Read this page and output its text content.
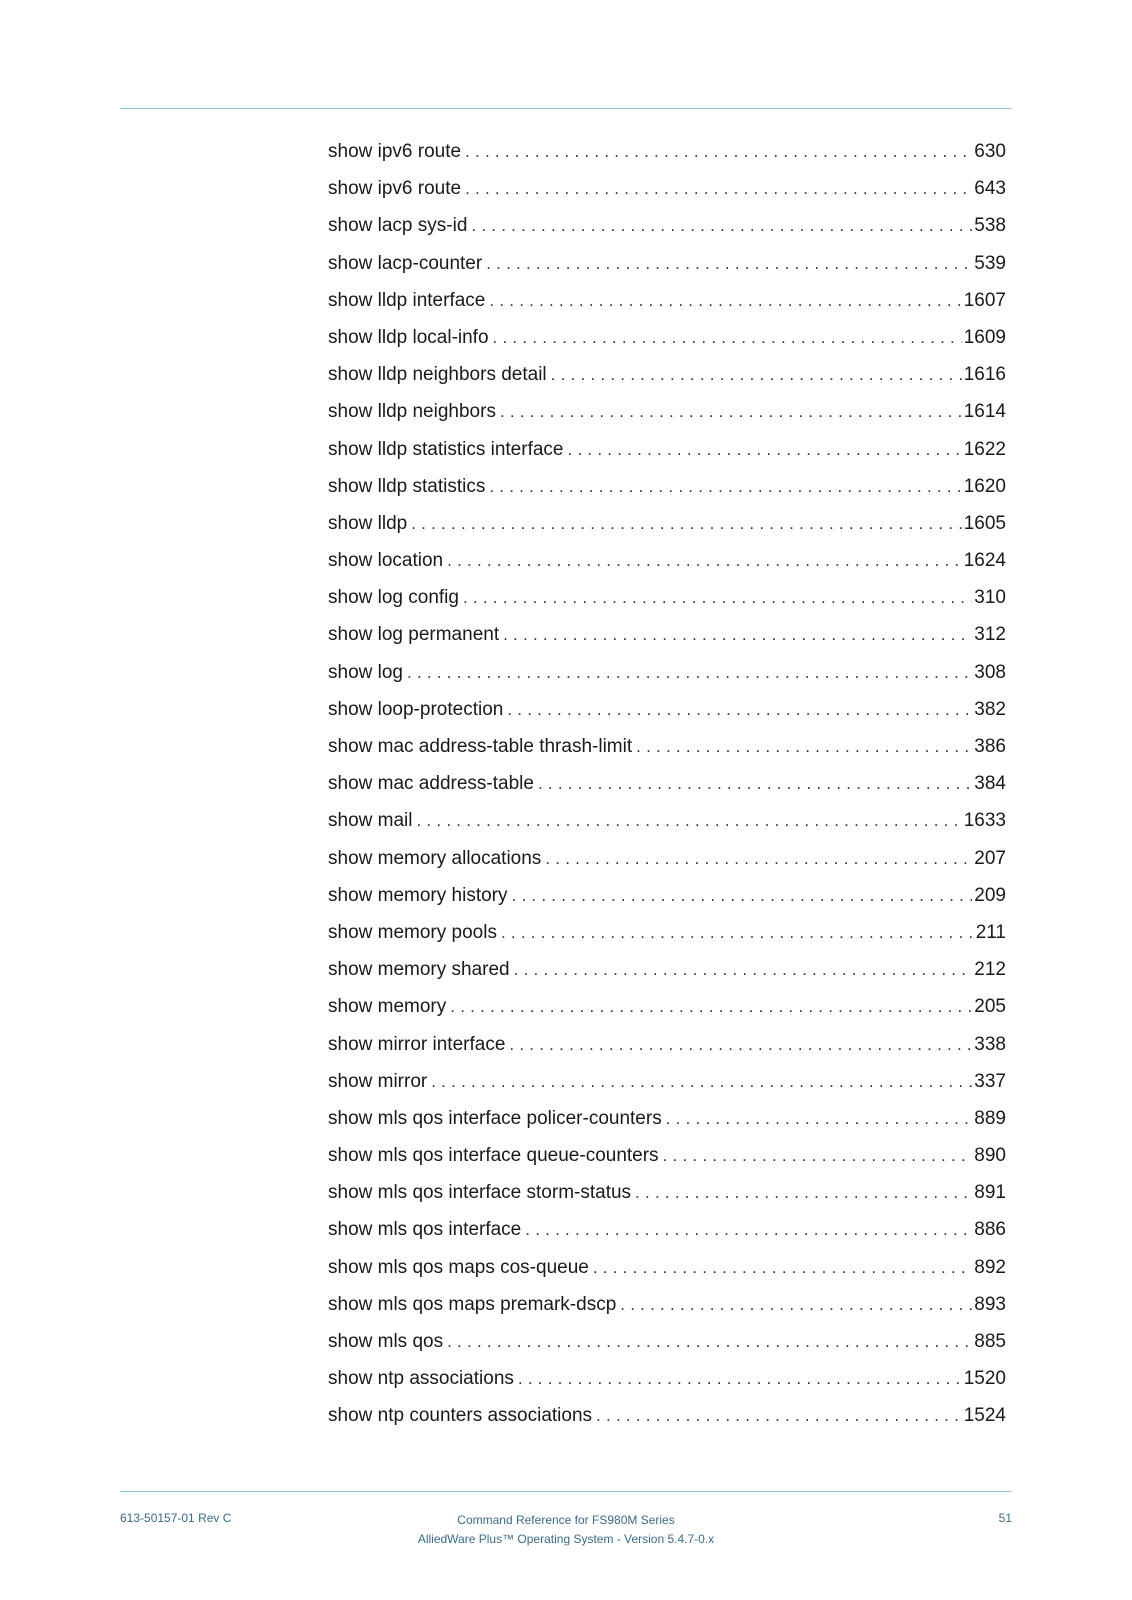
show ipv6 route . . .	630
show ipv6 route . . .	643
show lacp sys-id . . .	538
show lacp-counter . . .	539
show lldp interface . . .	1607
show lldp local-info . . .	1609
show lldp neighbors detail . . .	1616
show lldp neighbors . . .	1614
show lldp statistics interface . . .	1622
show lldp statistics . . .	1620
show lldp . . .	1605
show location . . .	1624
show log config . . .	310
show log permanent . . .	312
show log . . .	308
show loop-protection . . .	382
show mac address-table thrash-limit . . .	386
show mac address-table . . .	384
show mail . . .	1633
show memory allocations . . .	207
show memory history . . .	209
show memory pools . . .	211
show memory shared . . .	212
show memory . . .	205
show mirror interface . . .	338
show mirror . . .	337
show mls qos interface policer-counters . . .	889
show mls qos interface queue-counters . . .	890
show mls qos interface storm-status . . .	891
show mls qos interface . . .	886
show mls qos maps cos-queue . . .	892
show mls qos maps premark-dscp . . .	893
show mls qos . . .	885
show ntp associations . . .	1520
show ntp counters associations . . .	1524
613-50157-01 Rev C	Command Reference for FS980M Series
AlliedWare Plus™ Operating System - Version 5.4.7-0.x
51
